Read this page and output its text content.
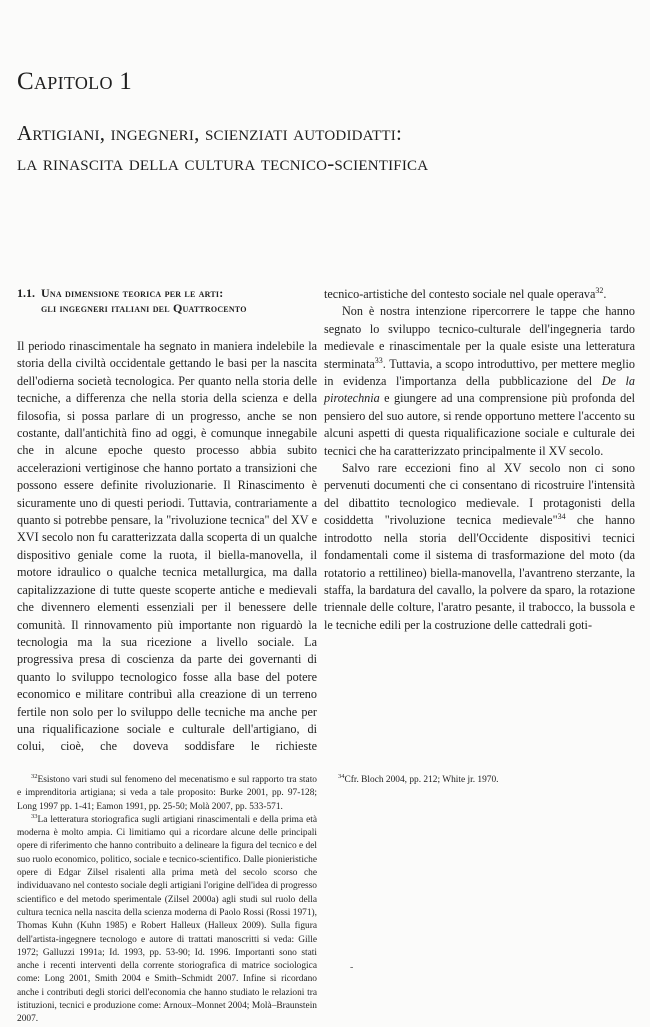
Capitolo 1
Artigiani, ingegneri, scienziati autodidatti:
la rinascita della cultura tecnico-scientifica
1.1. Una dimensione teorica per le arti:
gli ingegneri italiani del Quattrocento

Il periodo rinascimentale ha segnato in maniera indelebile la storia della civiltà occidentale gettando le basi per la nascita dell'odierna società tecnologica. Per quanto nella storia delle tecniche, a differenza che nella storia della scienza e della filosofia, si possa parlare di un progresso, anche se non costante, dall'antichità fino ad oggi, è comunque innegabile che in alcune epoche questo processo abbia subito accelerazioni vertiginose che hanno portato a transizioni che possono essere definite rivoluzionarie. Il Rinascimento è sicuramente uno di questi periodi. Tuttavia, contrariamente a quanto si potrebbe pensare, la "rivoluzione tecnica" del XV e XVI secolo non fu caratterizzata dalla scoperta di un qualche dispositivo geniale come la ruota, il biella-manovella, il motore idraulico o qualche tecnica metallurgica, ma dalla capitalizzazione di tutte queste scoperte antiche e medievali che divennero elementi essenziali per il benessere delle comunità. Il rinnovamento più importante non riguardò la tecnologia ma la sua ricezione a livello sociale. La progressiva presa di coscienza da parte dei governanti di quanto lo sviluppo tecnologico fosse alla base del potere economico e militare contribuì alla creazione di un terreno fertile non solo per lo sviluppo delle tecniche ma anche per una riqualificazione sociale e culturale dell'artigiano, di colui, cioè, che doveva soddisfare le richieste

$^{32}$Esistono vari studi sul fenomeno del mecenatismo e sul rapporto tra stato e imprenditoria artigiana; si veda a tale proposito: Burke 2001, pp. 97-128; Long 1997 pp. 1-41; Eamon 1991, pp. 25-50; Molà 2007, pp. 533-571.

$^{33}$La letteratura storiografica sugli artigiani rinascimentali e della prima età moderna è molto ampia. Ci limitiamo qui a ricordare alcune delle principali opere di riferimento che hanno contribuito a delineare la figura del tecnico e del suo ruolo economico, politico, sociale e tecnico-scientifico. Dalle pionieristiche opere di Edgar Zilsel risalenti alla prima metà del secolo scorso che individuavano nel contesto sociale degli artigiani l'origine dell'idea di progresso scientifico e del metodo sperimentale (Zilsel 2000a) agli studi sul ruolo della cultura tecnica nella nascita della scienza moderna di Paolo Rossi (Rossi 1971), Thomas Kuhn (Kuhn 1985) e Robert Halleux (Halleux 2009). Sulla figura dell'artista-ingegnere tecnologo e autore di trattati manoscritti si veda: Gille 1972; Galluzzi 1991a; Id. 1993, pp. 53-90; Id. 1996. Importanti sono stati anche i recenti interventi della corrente storiografica di matrice sociologica come: Long 2001, Smith 2004 e Smith–Schmidt 2007. Infine si ricordano anche i contributi degli storici dell'economia che hanno studiato le relazioni tra istituzioni, tecnici e produzione come: Arnoux–Monnet 2004; Molà–Braunstein 2007.

$^{34}$Cfr. Bloch 2004, pp. 212; White jr. 1970.

tecnico-artistiche del contesto sociale nel quale operava$^{32}$.

Non è nostra intenzione ripercorrere le tappe che hanno segnato lo sviluppo tecnico-culturale dell'ingegneria tardo medievale e rinascimentale per la quale esiste una letteratura sterminata$^{33}$. Tuttavia, a scopo introduttivo, per mettere meglio in evidenza l'importanza della pubblicazione del De la pirotechnia e giungere ad una comprensione più profonda del pensiero del suo autore, si rende opportuno mettere l'accento su alcuni aspetti di questa riqualificazione sociale e culturale dei tecnici che ha caratterizzato principalmente il XV secolo.

Salvo rare eccezioni fino al XV secolo non ci sono pervenuti documenti che ci consentano di ricostruire l'intensità del dibattito tecnologico medievale. I protagonisti della cosiddetta "rivoluzione tecnica medievale"$^{34}$ che hanno introdotto nella storia dell'Occidente dispositivi tecnici fondamentali come il sistema di trasformazione del moto (da rotatorio a rettilineo) biella-manovella, l'avantreno sterzante, la staffa, la bardatura del cavallo, la polvere da sparo, la rotazione triennale delle colture, l'aratro pesante, il trabocco, la bussola e le tecniche edili per la costruzione delle cattedrali goti-

-
